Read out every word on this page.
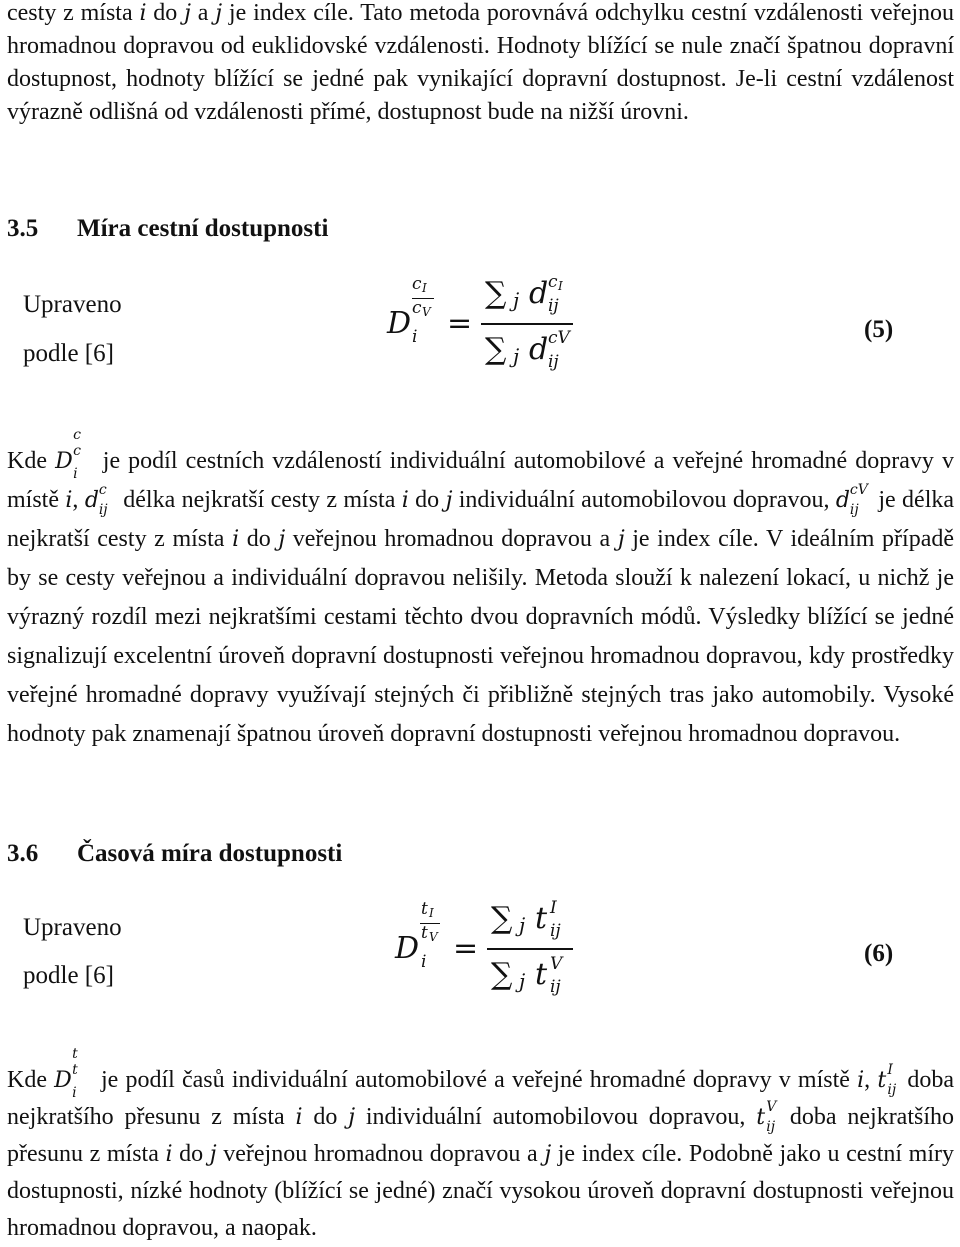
cesty z místa i do j a j je index cíle. Tato metoda porovnává odchylku cestní vzdálenosti veřejnou hromadnou dopravou od euklidovské vzdálenosti. Hodnoty blížící se nule značí špatnou dopravní dostupnost, hodnoty blížící se jedné pak vynikající dopravní dostupnost. Je-li cestní vzdálenost výrazně odlišná od vzdálenosti přímé, dostupnost bude na nižší úrovni.

3.5 Míra cestní dostupnosti
Upraveno
podle [6]
D
c I
c V
i =
∑ j d c I
ij
∑ j d cV
ij
(5)

Kde D
c
c
i je podíl cestních vzdáleností individuální automobilové a veřejné hromadné dopravy v místě i, d c
ij délka nejkratší cesty z místa i do j individuální automobilovou dopravou, d cV
ij je délka nejkratší cesty z místa i do j veřejnou hromadnou dopravou a j je index cíle. V ideálním případě by se cesty veřejnou a individuální dopravou nelišily. Metoda slouží k nalezení lokací, u nichž je výrazný rozdíl mezi nejkratšími cestami těchto dvou dopravních módů. Výsledky blížící se jedné signalizují excelentní úroveň dopravní dostupnosti veřejnou hromadnou dopravou, kdy prostředky veřejné hromadné dopravy využívají stejných či přibližně stejných tras jako automobily. Vysoké hodnoty pak znamenají špatnou úroveň dopravní dostupnosti veřejnou hromadnou dopravou.

3.6 Časová míra dostupnosti
Upraveno
podle [6]
D
t I
t V
i =
∑ j t I
ij
∑ j t V
ij
(6)

Kde D
t
t
i je podíl časů individuální automobilové a veřejné hromadné dopravy v místě i, t I
ij doba nejkratšího přesunu z místa i do j individuální automobilovou dopravou, t V
ij doba nejkratšího přesunu z místa i do j veřejnou hromadnou dopravou a j je index cíle. Podobně jako u cestní míry dostupnosti, nízké hodnoty (blížící se jedné) značí vysokou úroveň dopravní dostupnosti veřejnou hromadnou dopravou, a naopak.
